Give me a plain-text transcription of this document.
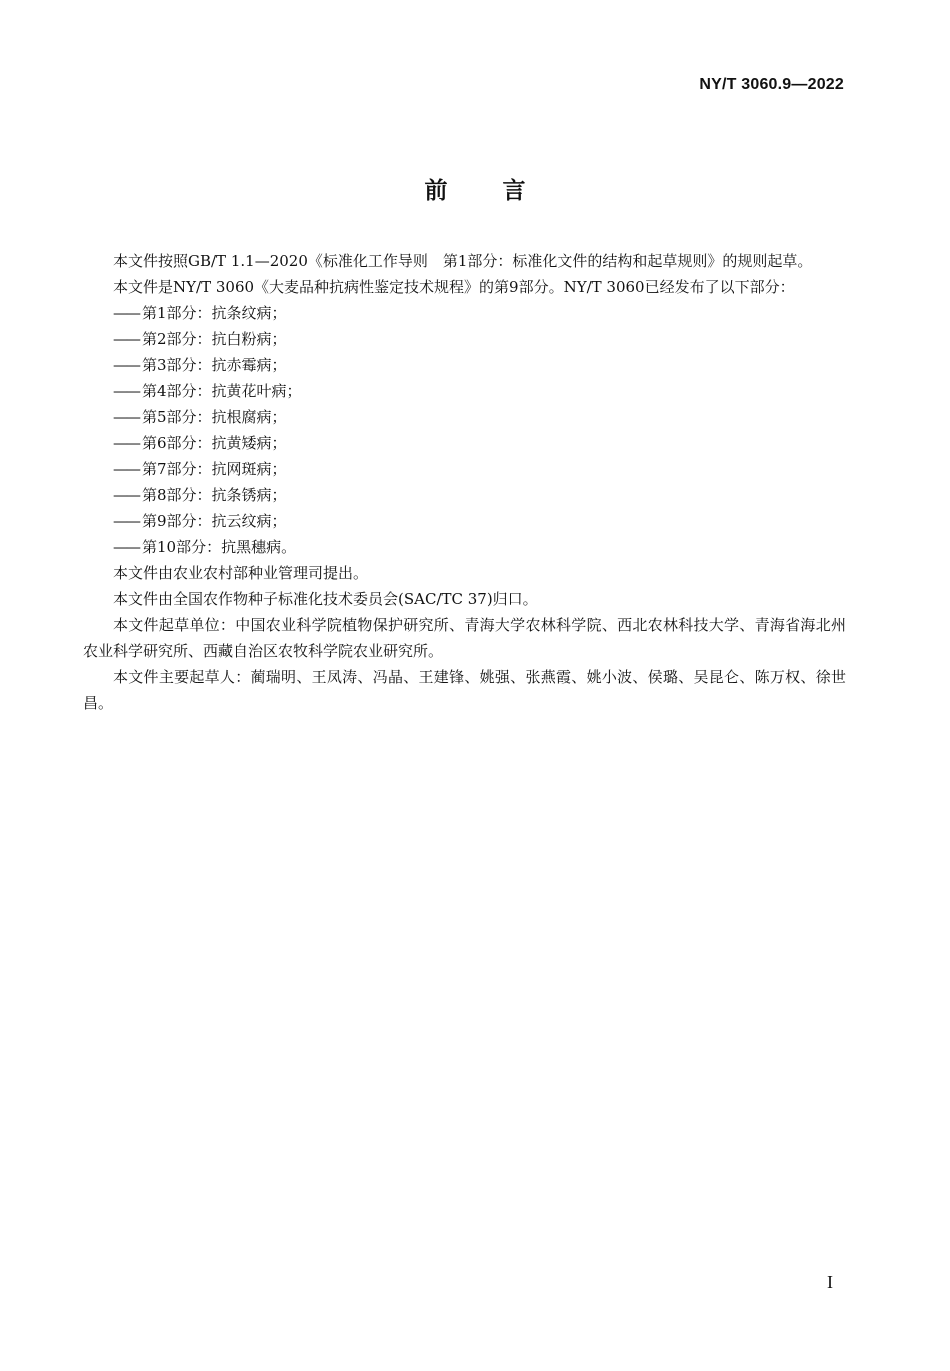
NY/T 3060.9—2022
前言

本文件按照GB/T 1.1—2020《标准化工作导则　第1部分：标准化文件的结构和起草规则》的规则起草。

本文件是NY/T 3060《大麦品种抗病性鉴定技术规程》的第9部分。NY/T 3060已经发布了以下部分：

—— 第1部分：抗条纹病；
—— 第2部分：抗白粉病；
—— 第3部分：抗赤霉病；
—— 第4部分：抗黄花叶病；
—— 第5部分：抗根腐病；
—— 第6部分：抗黄矮病；
—— 第7部分：抗网斑病；
—— 第8部分：抗条锈病；
—— 第9部分：抗云纹病；
—— 第10部分：抗黑穗病。

本文件由农业农村部种业管理司提出。

本文件由全国农作物种子标准化技术委员会(SAC/TC 37)归口。

本文件起草单位：中国农业科学院植物保护研究所、青海大学农林科学院、西北农林科技大学、青海省海北州农业科学研究所、西藏自治区农牧科学院农业研究所。

本文件主要起草人：蔺瑞明、王凤涛、冯晶、王建锋、姚强、张燕霞、姚小波、侯璐、吴昆仑、陈万权、徐世昌。

I
